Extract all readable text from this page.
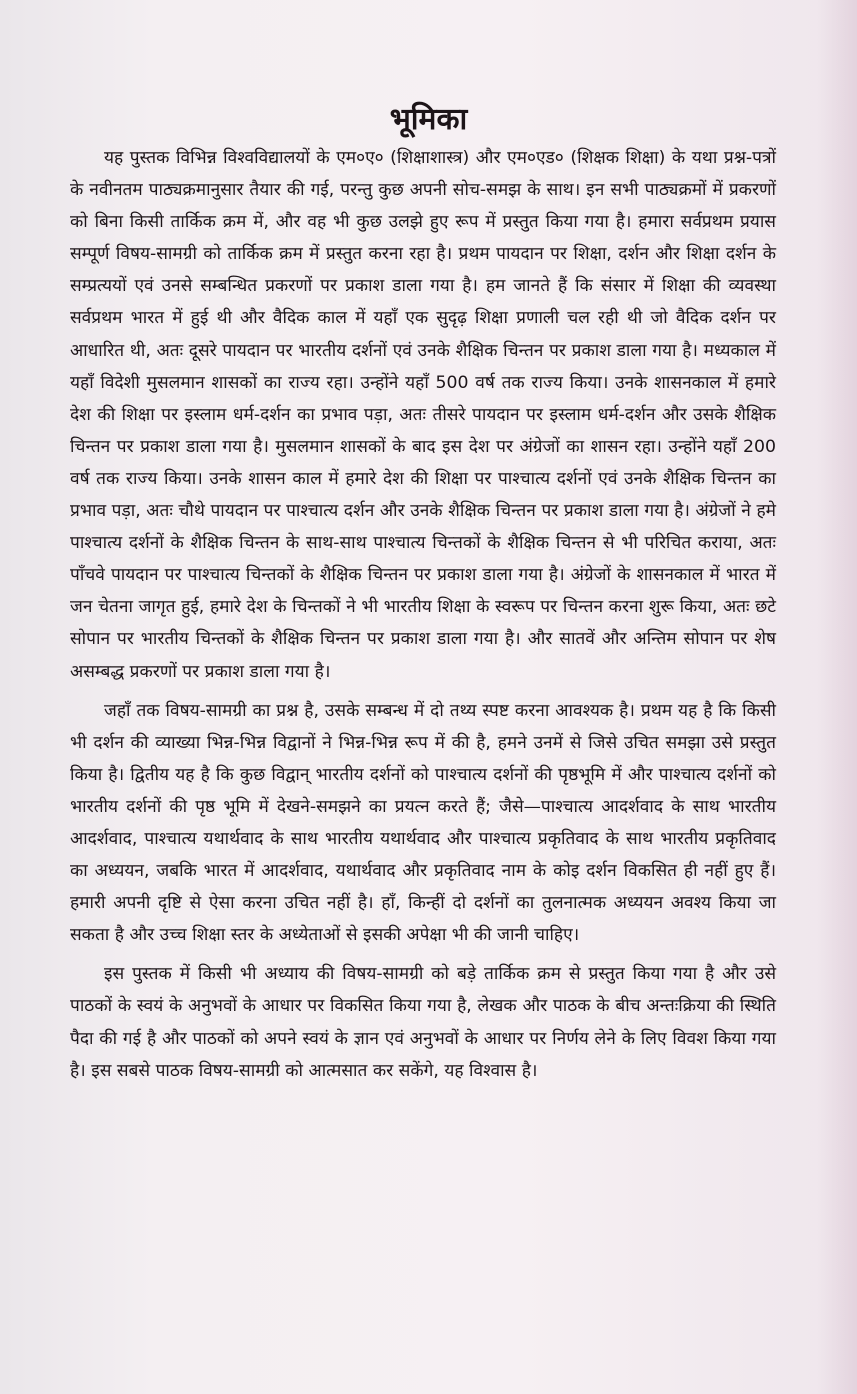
भूमिका

यह पुस्तक विभिन्न विश्वविद्यालयों के एम०ए० (शिक्षाशास्त्र) और एम०एड० (शिक्षक शिक्षा) के यथा प्रश्न-पत्रों के नवीनतम पाठ्यक्रमानुसार तैयार की गई, परन्तु कुछ अपनी सोच-समझ के साथ। इन सभी पाठ्यक्रमों में प्रकरणों को बिना किसी तार्किक क्रम में, और वह भी कुछ उलझे हुए रूप में प्रस्तुत किया गया है। हमारा सर्वप्रथम प्रयास सम्पूर्ण विषय-सामग्री को तार्किक क्रम में प्रस्तुत करना रहा है। प्रथम पायदान पर शिक्षा, दर्शन और शिक्षा दर्शन के सम्प्रत्ययों एवं उनसे सम्बन्धित प्रकरणों पर प्रकाश डाला गया है। हम जानते हैं कि संसार में शिक्षा की व्यवस्था सर्वप्रथम भारत में हुई थी और वैदिक काल में यहाँ एक सुदृढ़ शिक्षा प्रणाली चल रही थी जो वैदिक दर्शन पर आधारित थी, अतः दूसरे पायदान पर भारतीय दर्शनों एवं उनके शैक्षिक चिन्तन पर प्रकाश डाला गया है। मध्यकाल में यहाँ विदेशी मुसलमान शासकों का राज्य रहा। उन्होंने यहाँ 500 वर्ष तक राज्य किया। उनके शासनकाल में हमारे देश की शिक्षा पर इस्लाम धर्म-दर्शन का प्रभाव पड़ा, अतः तीसरे पायदान पर इस्लाम धर्म-दर्शन और उसके शैक्षिक चिन्तन पर प्रकाश डाला गया है। मुसलमान शासकों के बाद इस देश पर अंग्रेजों का शासन रहा। उन्होंने यहाँ 200 वर्ष तक राज्य किया। उनके शासन काल में हमारे देश की शिक्षा पर पाश्चात्य दर्शनों एवं उनके शैक्षिक चिन्तन का प्रभाव पड़ा, अतः चौथे पायदान पर पाश्चात्य दर्शन और उनके शैक्षिक चिन्तन पर प्रकाश डाला गया है। अंग्रेजों ने हमे पाश्चात्य दर्शनों के शैक्षिक चिन्तन के साथ-साथ पाश्चात्य चिन्तकों के शैक्षिक चिन्तन से भी परिचित कराया, अतः पाँचवे पायदान पर पाश्चात्य चिन्तकों के शैक्षिक चिन्तन पर प्रकाश डाला गया है। अंग्रेजों के शासनकाल में भारत में जन चेतना जागृत हुई, हमारे देश के चिन्तकों ने भी भारतीय शिक्षा के स्वरूप पर चिन्तन करना शुरू किया, अतः छटे सोपान पर भारतीय चिन्तकों के शैक्षिक चिन्तन पर प्रकाश डाला गया है। और सातवें और अन्तिम सोपान पर शेष असम्बद्ध प्रकरणों पर प्रकाश डाला गया है।

जहाँ तक विषय-सामग्री का प्रश्न है, उसके सम्बन्ध में दो तथ्य स्पष्ट करना आवश्यक है। प्रथम यह है कि किसी भी दर्शन की व्याख्या भिन्न-भिन्न विद्वानों ने भिन्न-भिन्न रूप में की है, हमने उनमें से जिसे उचित समझा उसे प्रस्तुत किया है। द्वितीय यह है कि कुछ विद्वान् भारतीय दर्शनों को पाश्चात्य दर्शनों की पृष्ठभूमि में और पाश्चात्य दर्शनों को भारतीय दर्शनों की पृष्ठ भूमि में देखने-समझने का प्रयत्न करते हैं; जैसे—पाश्चात्य आदर्शवाद के साथ भारतीय आदर्शवाद, पाश्चात्य यथार्थवाद के साथ भारतीय यथार्थवाद और पाश्चात्य प्रकृतिवाद के साथ भारतीय प्रकृतिवाद का अध्ययन, जबकि भारत में आदर्शवाद, यथार्थवाद और प्रकृतिवाद नाम के कोइ दर्शन विकसित ही नहीं हुए हैं। हमारी अपनी दृष्टि से ऐसा करना उचित नहीं है। हाँ, किन्हीं दो दर्शनों का तुलनात्मक अध्ययन अवश्य किया जा सकता है और उच्च शिक्षा स्तर के अध्येताओं से इसकी अपेक्षा भी की जानी चाहिए।

इस पुस्तक में किसी भी अध्याय की विषय-सामग्री को बड़े तार्किक क्रम से प्रस्तुत किया गया है और उसे पाठकों के स्वयं के अनुभवों के आधार पर विकसित किया गया है, लेखक और पाठक के बीच अन्तःक्रिया की स्थिति पैदा की गई है और पाठकों को अपने स्वयं के ज्ञान एवं अनुभवों के आधार पर निर्णय लेने के लिए विवश किया गया है। इस सबसे पाठक विषय-सामग्री को आत्मसात कर सकेंगे, यह विश्वास है।
